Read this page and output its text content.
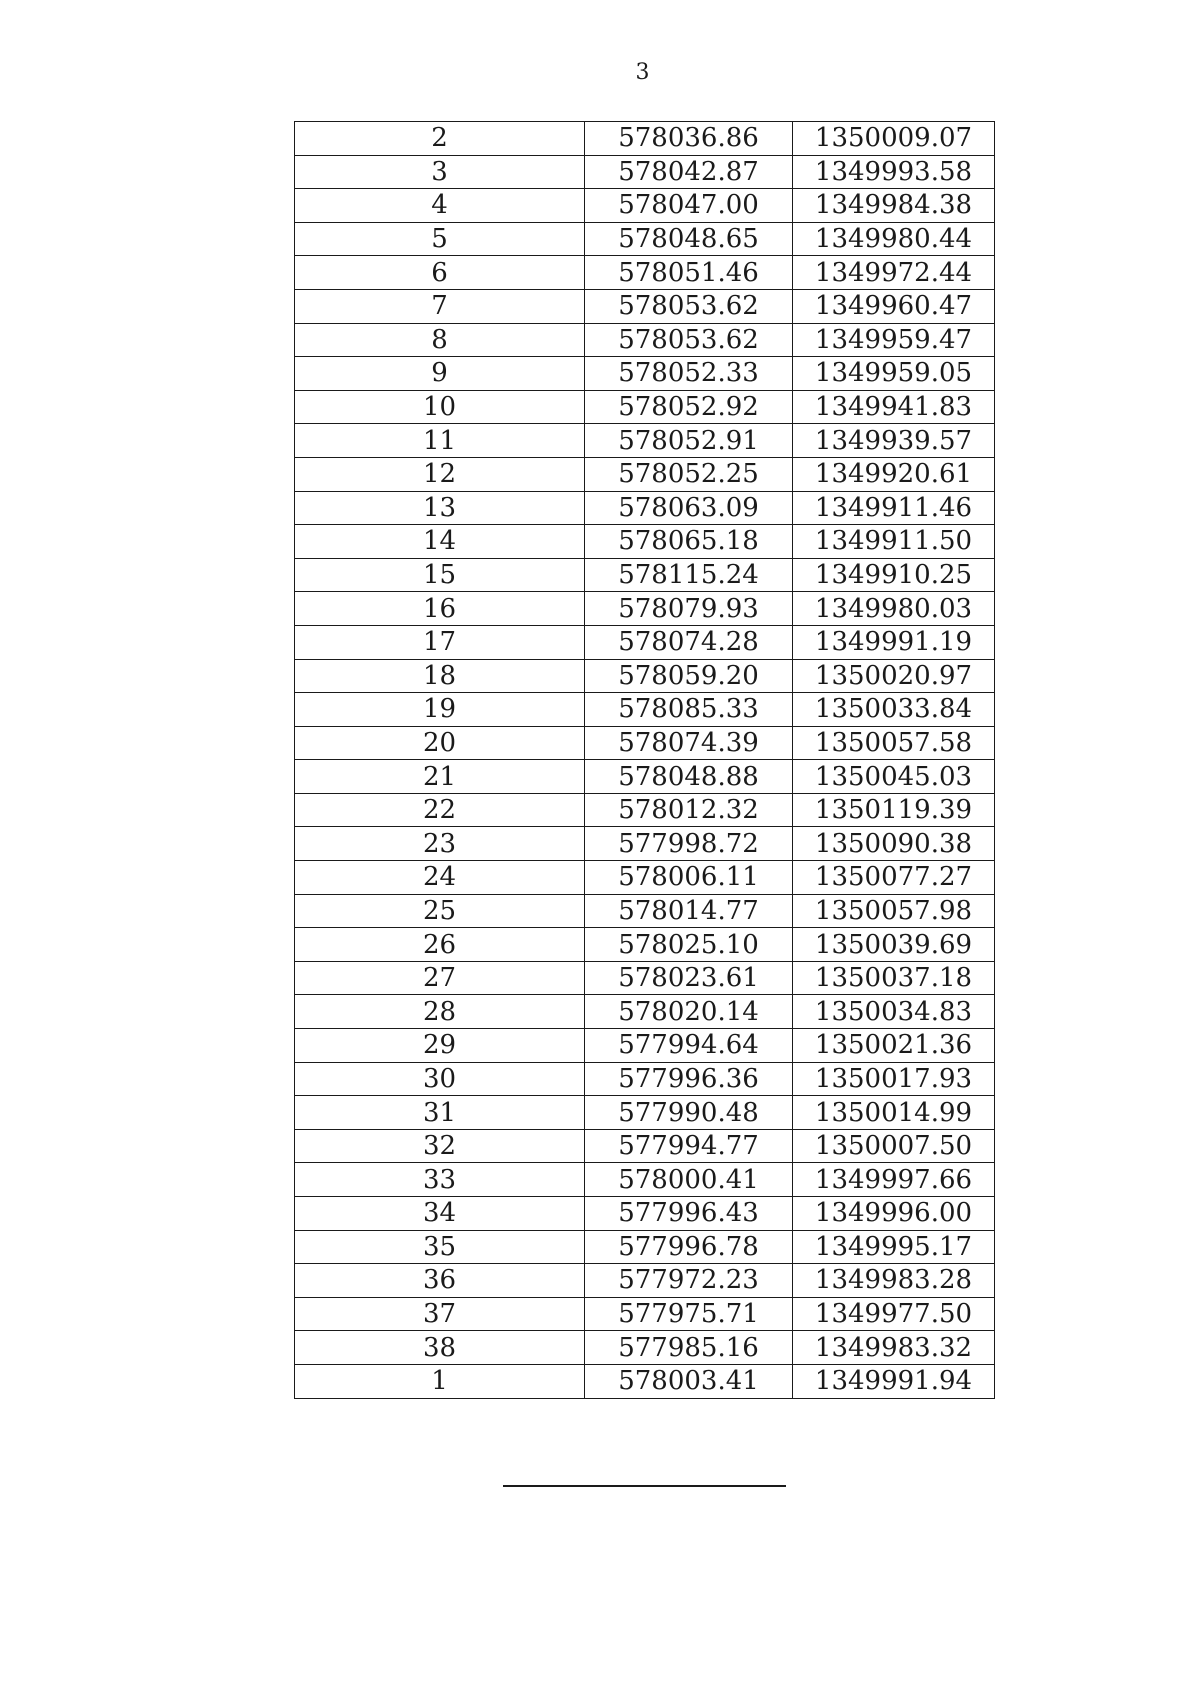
3
2	578036.86	1350009.07
3	578042.87	1349993.58
4	578047.00	1349984.38
5	578048.65	1349980.44
6	578051.46	1349972.44
7	578053.62	1349960.47
8	578053.62	1349959.47
9	578052.33	1349959.05
10	578052.92	1349941.83
11	578052.91	1349939.57
12	578052.25	1349920.61
13	578063.09	1349911.46
14	578065.18	1349911.50
15	578115.24	1349910.25
16	578079.93	1349980.03
17	578074.28	1349991.19
18	578059.20	1350020.97
19	578085.33	1350033.84
20	578074.39	1350057.58
21	578048.88	1350045.03
22	578012.32	1350119.39
23	577998.72	1350090.38
24	578006.11	1350077.27
25	578014.77	1350057.98
26	578025.10	1350039.69
27	578023.61	1350037.18
28	578020.14	1350034.83
29	577994.64	1350021.36
30	577996.36	1350017.93
31	577990.48	1350014.99
32	577994.77	1350007.50
33	578000.41	1349997.66
34	577996.43	1349996.00
35	577996.78	1349995.17
36	577972.23	1349983.28
37	577975.71	1349977.50
38	577985.16	1349983.32
1	578003.41	1349991.94
